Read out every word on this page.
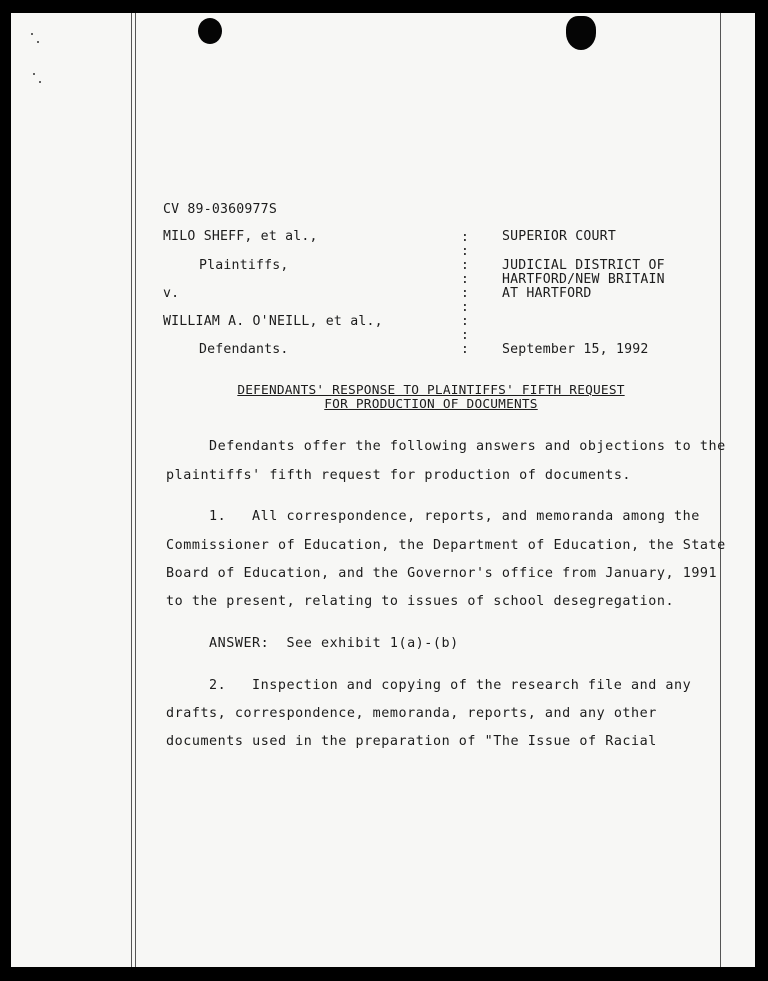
CV 89-0360977S
MILO SHEFF, et al.,
Plaintiffs,
v.
WILLIAM A. O'NEILL, et al.,
Defendants.
:
:
:
:
:
:
:
:
:
SUPERIOR COURT
JUDICIAL DISTRICT OF
HARTFORD/NEW BRITAIN
AT HARTFORD
September 15, 1992
DEFENDANTS' RESPONSE TO PLAINTIFFS' FIFTH REQUEST
FOR PRODUCTION OF DOCUMENTS
Defendants offer the following answers and objections to the
plaintiffs' fifth request for production of documents.
1.   All correspondence, reports, and memoranda among the
Commissioner of Education, the Department of Education, the State
Board of Education, and the Governor's office from January, 1991
to the present, relating to issues of school desegregation.
ANSWER:  See exhibit 1(a)-(b)
2.   Inspection and copying of the research file and any
drafts, correspondence, memoranda, reports, and any other
documents used in the preparation of "The Issue of Racial
